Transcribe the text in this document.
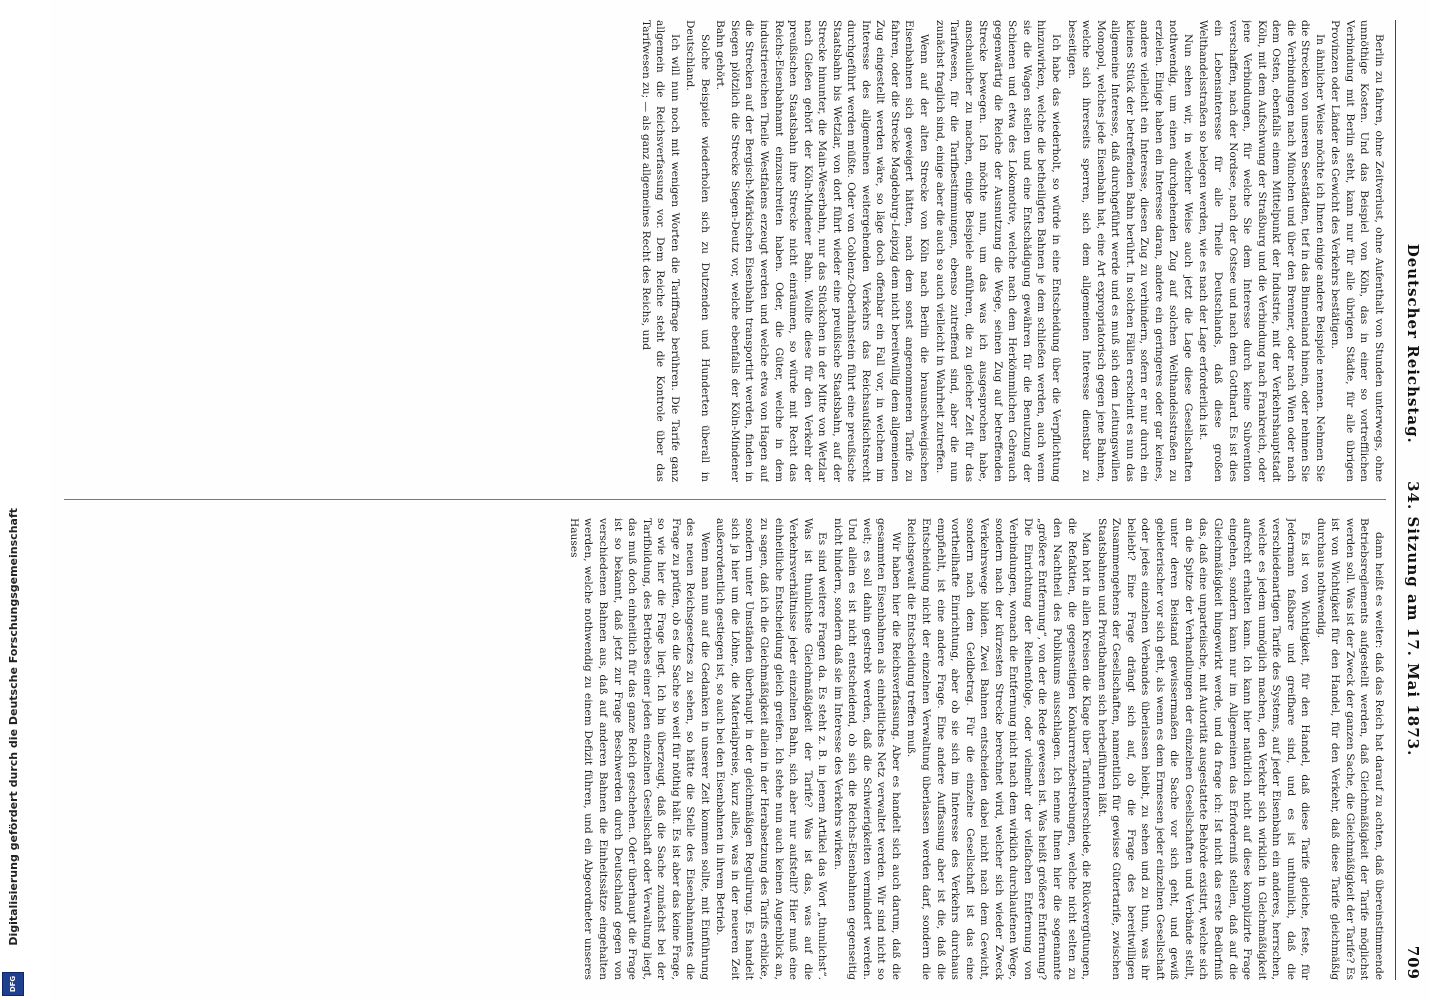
Digitalisierung gefördert durch die Deutsche Forschungsgemeinschaft
DFG
Deutscher Reichstag.      34. Sitzung am 17. Mai 1873.
709

Berlin zu fahren, ohne Zeitverlust, ohne Aufenthalt von Stunden unterwegs, ohne unnöthige Kosten. Und das Beispiel von Köln, das in einer so vortrefflichen Verbindung mit Berlin steht, kann nur für alle übrigen Städte, für alle übrigen Provinzen oder Länder des Gewicht des Verkehrs bestätigen.

In ähnlicher Weise möchte ich Ihnen einige andere Beispiele nennen. Nehmen Sie die Strecken von unseren Seestädten, tief in das Binnenland hinein, oder nehmen Sie die Verbindungen nach München und über den Brenner, oder nach Wien oder nach dem Osten, ebenfalls einem Mittelpunkt der Industrie, mit der Verkehrshauptstadt Köln, mit dem Aufschwung der Straßburg und die Verbindung nach Frankreich, oder jene Verbindungen, für welche Sie dem Interesse durch keine Subvention verschaffen, nach der Nordsee, nach der Ostsee und nach dem Gotthard. Es ist dies ein Lebensinteresse für alle Theile Deutschlands, daß diese großen Welthandelsstraßen so belegen werden, wie es nach der Lage erforderlich ist.

Nun sehen wir, in welcher Weise auch jetzt die Lage diese Gesellschaften nothwendig, um einen durchgehenden Zug auf solchen Welthandelsstraßen zu erzielen. Einige haben ein Interesse daran, andere ein geringeres oder gar keines, andere vielleicht ein Interesse, diesen Zug zu verhindern, sofern er nur durch ein kleines Stück der betreffenden Bahn berührt. In solchen Fällen erscheint es nun das allgemeine Interesse, daß durchgeführt werde und es muß sich dem Leitungswillen Monopol, welches jede Eisenbahn hat, eine Art expropriatorisch gegen jene Bahnen, welche sich ihrerseits sperren, sich dem allgemeinen Interesse dienstbar zu beseitigen.

Ich habe das wiederholt, so würde in eine Entscheidung über die Verpflichtung hinzuwirken, welche die betheiligten Bahnen je dem schließen werden, auch wenn sie die Wagen stellen und eine Entschädigung gewähren für die Benutzung der Schienen und etwa des Lokomotive, welche nach dem Herkömmlichen Gebrauch gegenwärtig die Reiche der Ausnutzung die Wege, seinen Zug auf betreffenden Strecke bewegen. Ich möchte nun, um das was ich ausgesprochen habe, anschaulicher zu machen, einige Beispiele anführen, die zu gleicher Zeit für das Tarifwesen, für die Tarifbestimmungen, ebenso zutreffend sind, aber die nun zunächst fraglich sind, einige aber die auch so auch vielleicht in Wahrheit zutreffen.

Wenn auf der alten Strecke von Köln nach Berlin die braunschweigischen Eisenbahnen sich geweigert hätten, nach dem sonst angenommenen Tarife zu fahren, oder die Strecke Magdeburg-Leipzig dem nicht bereitwillig dem allgemeinen Zug eingestellt werden wäre, so läge doch offenbar ein Fall vor, in welchem im Interesse des allgemeinen weitergehenden Verkehrs das Reichsaufsichtsrecht durchgeführt werden müßte. Oder von Coblenz-Oberlahnstein führt eine preußische Staatsbahn bis Wetzlar, von dort führt wieder eine preußische Staatsbahn, auf der Strecke hinunter, die Main-Weserbahn, nur das Stückchen in der Mitte von Wetzlar nach Gießen gehört der Köln-Mindener Bahn. Wollte diese für den Verkehr der preußischen Staatsbahn ihre Strecke nicht einräumen, so würde mit Recht das Reichs-Eisenbahnamt einzuschreiten haben. Oder, die Güter, welche in dem industriereichen Theile Westfalens erzeugt werden und welche etwa von Hagen auf die Strecken auf der Bergisch-Märkischen Eisenbahn transportirt werden, finden in Siegen plötzlich die Strecke Siegen-Deutz vor, welche ebenfalls der Köln-Mindener Bahn gehört.

Solche Beispiele wiederholen sich zu Dutzenden und Hunderten überall in Deutschland.

Ich will nun noch mit wenigen Worten die Tariffrage berühren. Die Tarife ganz allgemein die Reichsverfassung vor. Dem Reiche steht die Kontrole über das Tarifwesen zu; — als ganz allgemeines Recht des Reichs, und

dann heißt es weiter: daß das Reich hat darauf zu achten, daß übereinstimmende Betriebsreglements aufgestellt werden, daß Gleichmäßigkeit der Tarife möglichst werden soll. Was ist der Zweck der ganzen Sache, die Gleichmäßigkeit der Tarife? Es ist von Wichtigkeit für den Handel, für den Verkehr, daß diese Tarife gleichmäßig durchaus nothwendig.

Es ist von Wichtigkeit, für den Handel, daß diese Tarife gleiche, feste, für Jedermann faßbare und greifbare sind, und es ist unthunlich, daß die verschiedenartigen Tarife des Systems, auf jeder Eisenbahn ein anderes, herrschen, welche es jedem unmöglich machen, den Verkehr sich wirklich in Gleichmäßigkeit aufrecht erhalten kann. Ich kann hier natürlich nicht auf diese komplizirte Frage eingehen, sondern kann nur im Allgemeinen das Erforderniß stellen, daß auf die Gleichmäßigkeit hingewirkt werde, und da frage ich: Ist nicht das erste Bedürfniß das, daß eine unparteiische, mit Autorität ausgestattete Behörde existirt, welche sich an die Spitze der Verhandlungen der einzelnen Gesellschaften und Verbände stellt, unter deren Beistand gewissermaßen die Sache vor sich geht, und gewiß gebieterischer vor sich geht, als wenn es dem Ermessen jeder einzelnen Gesellschaft oder jedes einzelnen Verbandes überlassen bleibt, zu sehen und zu thun, was ihr beliebt? Eine Frage drängt sich auf, ob die Frage des bereitwilligen Zusammengehens der Gesellschaften, namentlich für gewisse Gütertarife, zwischen Staatsbahnen und Privatbahnen sich herbeiführen läßt.

Man hört in allen Kreisen die Klage über Tarifunterschiede, die Rückvergütungen, die Refaktien, die gegenseitigen Konkurrenzbestrebungen, welche nicht selten zu den Nachtheil des Publikums ausschlagen. Ich nenne Ihnen hier die sogenannte „größere Entfernung“, von der die Rede gewesen ist. Was heißt größere Entfernung? Die Einrichtung der Reihenfolge, oder vielmehr der vielfachen Entfernung von Verbindungen, wonach die Entfernung nicht nach dem wirklich durchlaufenen Wege, sondern nach der kürzesten Strecke berechnet wird, welcher sich wieder Zweck Verkehrswege bilden. Zwei Bahnen entscheiden dabei nicht nach dem Gewicht, sondern nach dem Geldbetrag. Für die einzelne Gesellschaft ist das eine vortheilhafte Einrichtung, aber ob sie sich im Interesse des Verkehrs durchaus empfiehlt, ist eine andere Frage. Eine andere Auffassung aber ist die, daß die Entscheidung nicht der einzelnen Verwaltung überlassen werden darf, sondern die Reichsgewalt die Entscheidung treffen muß.

Wir haben hier die Reichsverfassung. Aber es handelt sich auch darum, daß die gesammten Eisenbahnen als einheitliches Netz verwaltet werden. Wir sind nicht so weit; es soll dahin gestrebt werden, daß die Schwierigkeiten vermindert werden. Und allein es ist nicht entscheidend, ob sich die Reichs-Eisenbahnen gegenseitig nicht hindern, sondern daß sie im Interesse des Verkehrs wirken.

Es sind weitere Fragen da. Es steht z. B. in jenem Artikel das Wort „thunlichst“. Was ist thunlichste Gleichmäßigkeit der Tarife? Was ist das, was auf die Verkehrsverhältnisse jeder einzelnen Bahn, sich aber nur aufstellt? Hier muß eine einheitliche Entscheidung gleich greifen. Ich stehe nun auch keinen Augenblick an, zu sagen, daß ich die Gleichmäßigkeit allein in der Herabsetzung des Tarifs erblicke, sondern unter Umständen überhaupt in der gleichmäßigen Regulirung. Es handelt sich ja hier um die Löhne, die Materialpreise, kurz alles, was in der neueren Zeit außerordentlich gestiegen ist, so auch bei den Eisenbahnen in ihrem Betrieb.

Wenn man nun auf die Gedanken in unserer Zeit kommen sollte, mit Einführung des neuen Reichsgesetzes zu sehen, so hätte die Stelle des Eisenbahnamtes die Frage zu prüfen, ob es die Sache so weit für nöthig hält. Es ist aber das keine Frage, so wie hier die Frage liegt. Ich bin überzeugt, daß die Sache zunächst bei der Tarifbildung, des Betriebes einer jeden einzelnen Gesellschaft oder Verwaltung liegt, das muß doch einheitlich für das ganze Reich geschehen. Oder überhaupt die Frage ist so bekannt, daß jetzt zur Frage Beschwerden durch Deutschland gegen von verschiedenen Bahnen aus, daß auf anderen Bahnen die Einheitssätze eingehalten werden, welche nothwendig zu einem Defizit führen, und ein Abgeordneter unseres Hauses
